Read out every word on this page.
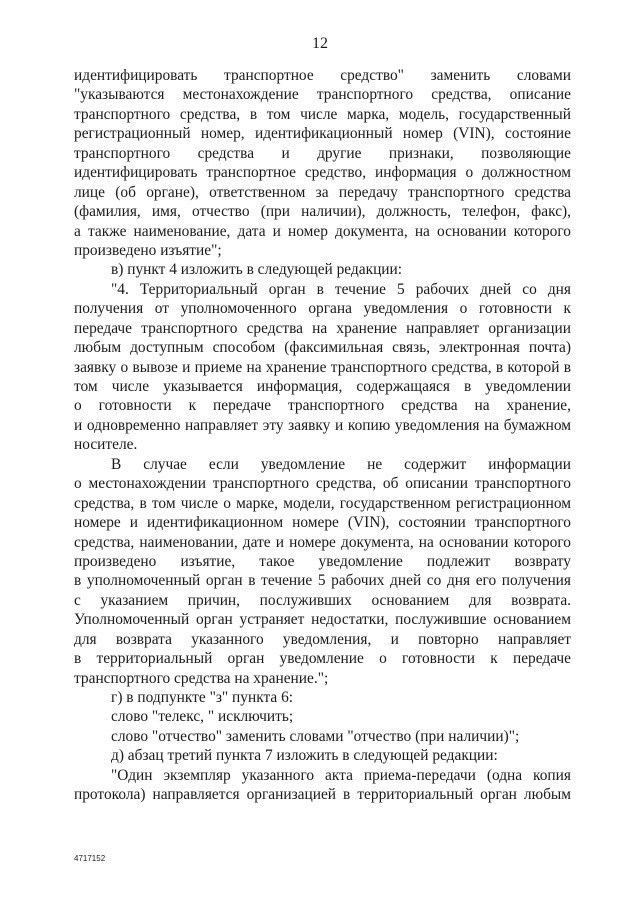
12
идентифицировать транспортное средство" заменить словами
"указываются местонахождение транспортного средства, описание
транспортного средства, в том числе марка, модель, государственный
регистрационный номер, идентификационный номер (VIN), состояние
транспортного средства и другие признаки, позволяющие
идентифицировать транспортное средство, информация о должностном
лице (об органе), ответственном за передачу транспортного средства
(фамилия, имя, отчество (при наличии), должность, телефон, факс),
а также наименование, дата и номер документа, на основании которого
произведено изъятие";
в) пункт 4 изложить в следующей редакции:
"4. Территориальный орган в течение 5 рабочих дней со дня
получения от уполномоченного органа уведомления о готовности к
передаче транспортного средства на хранение направляет организации
любым доступным способом (факсимильная связь, электронная почта)
заявку о вывозе и приеме на хранение транспортного средства, в которой в
том числе указывается информация, содержащаяся в уведомлении
о готовности к передаче транспортного средства на хранение,
и одновременно направляет эту заявку и копию уведомления на бумажном
носителе.
В случае если уведомление не содержит информации
о местонахождении транспортного средства, об описании транспортного
средства, в том числе о марке, модели, государственном регистрационном
номере и идентификационном номере (VIN), состоянии транспортного
средства, наименовании, дате и номере документа, на основании которого
произведено изъятие, такое уведомление подлежит возврату
в уполномоченный орган в течение 5 рабочих дней со дня его получения
с указанием причин, послуживших основанием для возврата.
Уполномоченный орган устраняет недостатки, послужившие основанием
для возврата указанного уведомления, и повторно направляет
в территориальный орган уведомление о готовности к передаче
транспортного средства на хранение.";
г) в подпункте "з" пункта 6:
слово "телекс, " исключить;
слово "отчество" заменить словами "отчество (при наличии)";
д) абзац третий пункта 7 изложить в следующей редакции:
"Один экземпляр указанного акта приема-передачи (одна копия
протокола) направляется организацией в территориальный орган любым
4717152
